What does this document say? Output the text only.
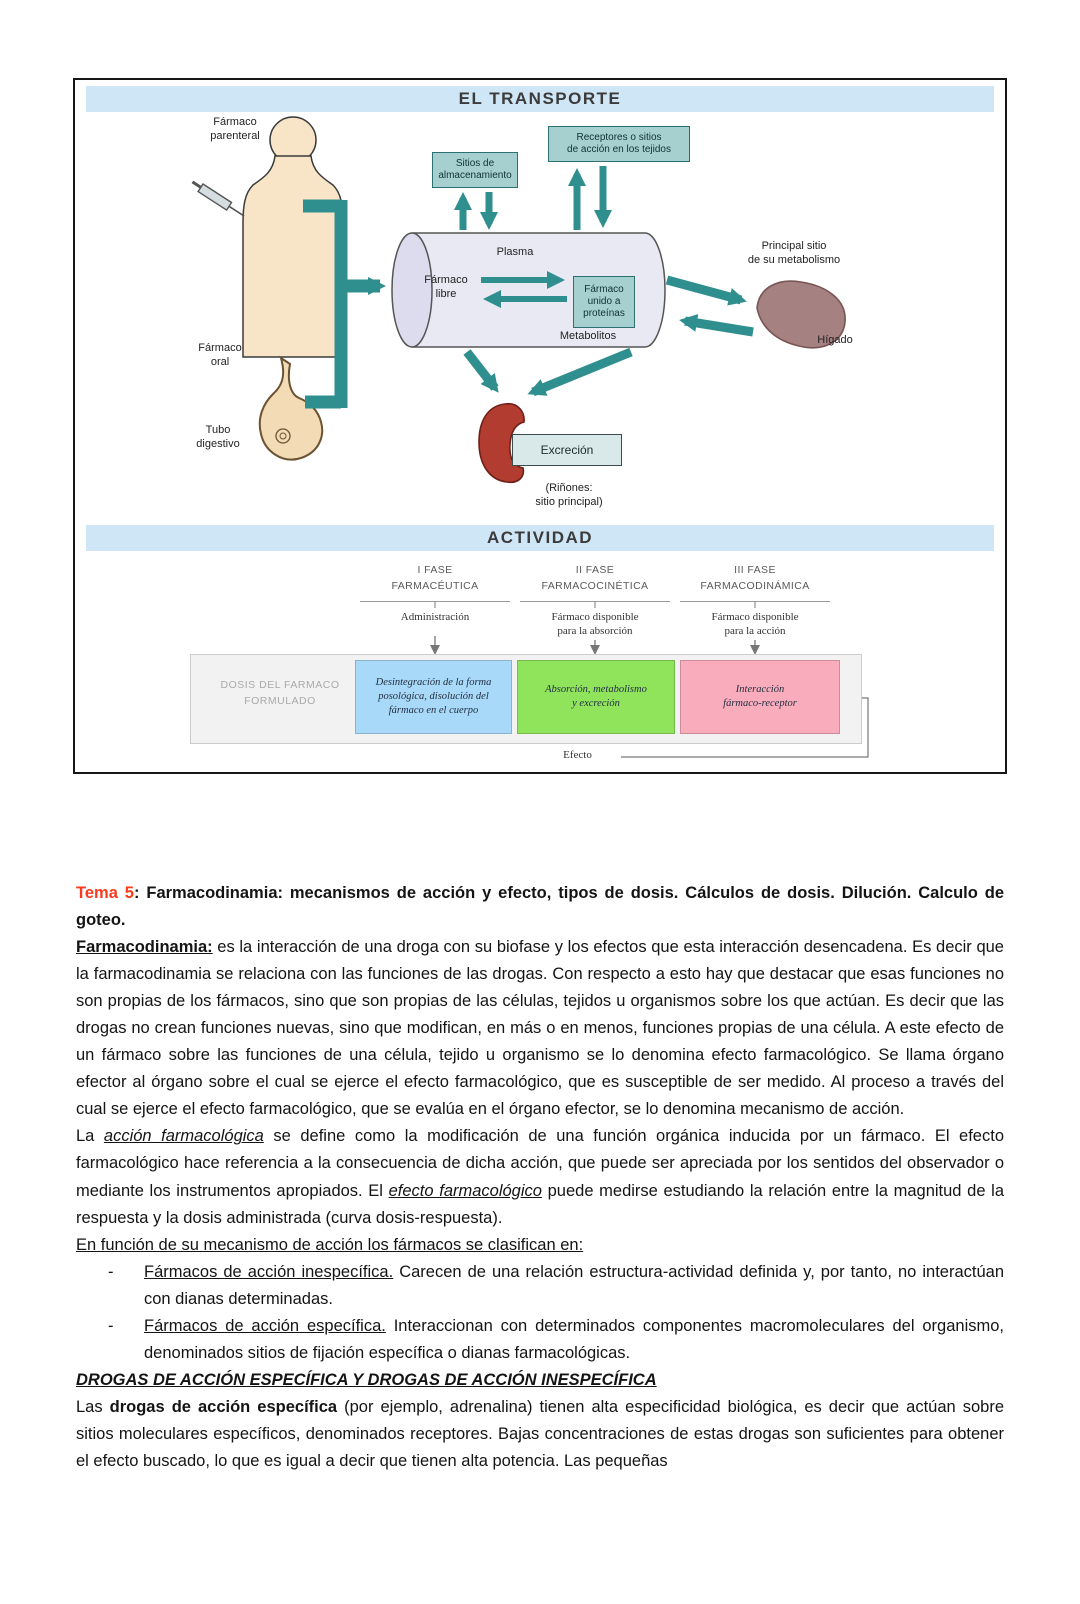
EL TRANSPORTE
Fármaco
parenteral
Fármaco
oral
Tubo
digestivo
Sitios de
almacenamiento
Receptores o sitios
de acción en los tejidos
Plasma
Fármaco
libre	Fármaco
unido a
proteínas
Metabolitos
Principal sitio
de su metabolismo
Hígado
Excreción
(Riñones:
sitio principal)
ACTIVIDAD
I FASE
FARMACÉUTICA
II FASE
FARMACOCINÉTICA
III FASE
FARMACODINÁMICA
Administración	Fármaco disponible
para la absorción
Fármaco disponible
para la acción
DOSIS DEL FARMACO
FORMULADO
Desintegración de la forma
posológica, disolución del
fármaco en el cuerpo
Absorción, metabolismo
y excreción
Interacción
fármaco-receptor
Efecto

Tema 5: Farmacodinamia: mecanismos de acción y efecto, tipos de dosis. Cálculos de dosis. Dilución. Calculo de goteo.

Farmacodinamia: es la interacción de una droga con su biofase y los efectos que esta interacción desencadena. Es decir que la farmacodinamia se relaciona con las funciones de las drogas. Con respecto a esto hay que destacar que esas funciones no son propias de los fármacos, sino que son propias de las células, tejidos u organismos sobre los que actúan. Es decir que las drogas no crean funciones nuevas, sino que modifican, en más o en menos, funciones propias de una célula. A este efecto de un fármaco sobre las funciones de una célula, tejido u organismo se lo denomina efecto farmacológico. Se llama órgano efector al órgano sobre el cual se ejerce el efecto farmacológico, que es susceptible de ser medido. Al proceso a través del cual se ejerce el efecto farmacológico, que se evalúa en el órgano efector, se lo denomina mecanismo de acción.

La acción farmacológica se define como la modificación de una función orgánica inducida por un fármaco. El efecto farmacológico hace referencia a la consecuencia de dicha acción, que puede ser apreciada por los sentidos del observador o mediante los instrumentos apropiados. El efecto farmacológico puede medirse estudiando la relación entre la magnitud de la respuesta y la dosis administrada (curva dosis-respuesta).

En función de su mecanismo de acción los fármacos se clasifican en:

-	Fármacos de acción inespecífica. Carecen de una relación estructura-actividad definida y, por tanto, no interactúan con dianas determinadas.
-	Fármacos de acción específica. Interaccionan con determinados componentes macromoleculares del organismo, denominados sitios de fijación específica o dianas farmacológicas.

DROGAS DE ACCIÓN ESPECÍFICA Y DROGAS DE ACCIÓN INESPECÍFICA

Las drogas de acción específica (por ejemplo, adrenalina) tienen alta especificidad biológica, es decir que actúan sobre sitios moleculares específicos, denominados receptores. Bajas concentraciones de estas drogas son suficientes para obtener el efecto buscado, lo que es igual a decir que tienen alta potencia. Las pequeñas
